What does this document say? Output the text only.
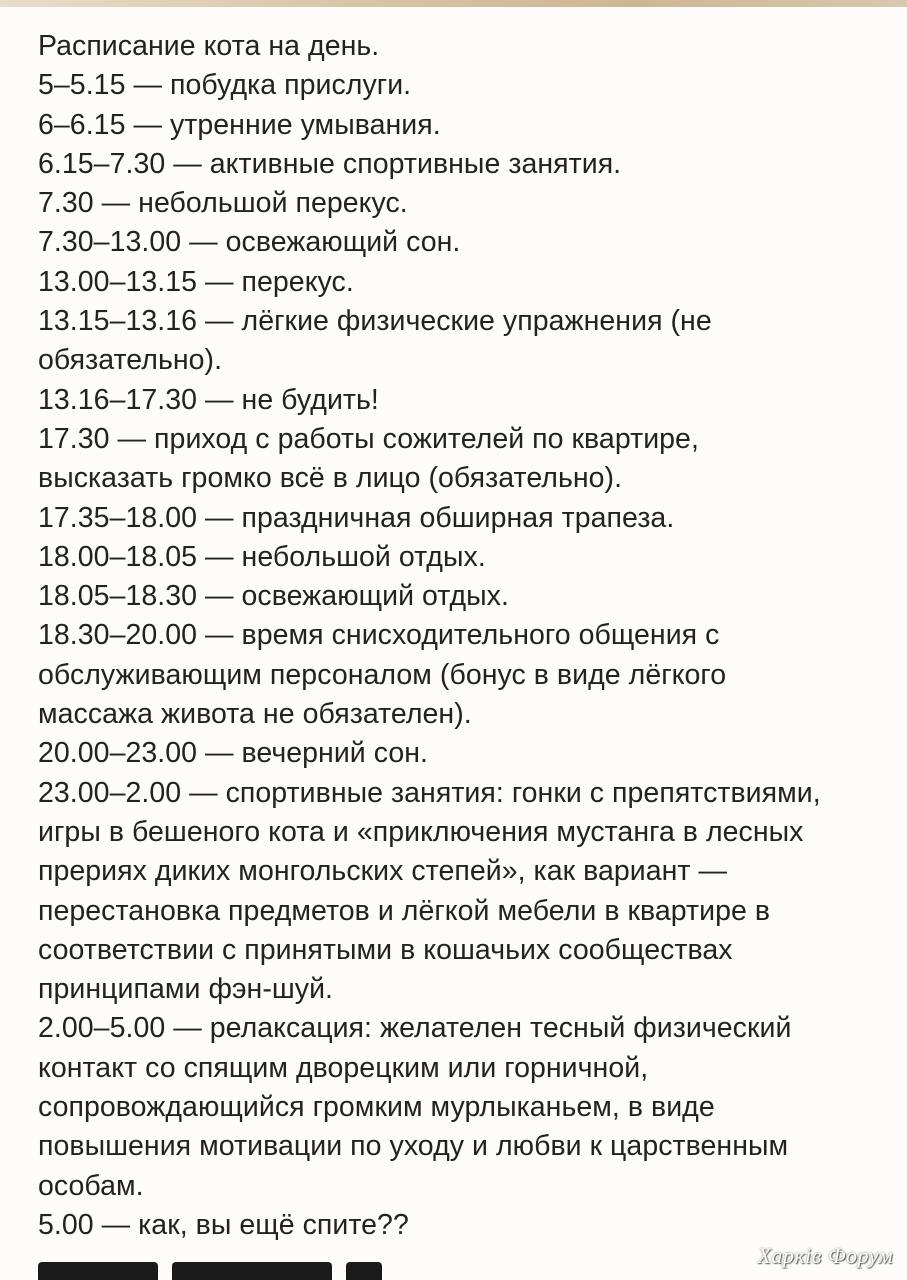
Расписание кота на день.
5–5.15 — побудка прислуги.
6–6.15 — утренние умывания.
6.15–7.30 — активные спортивные занятия.
7.30 — небольшой перекус.
7.30–13.00 — освежающий сон.
13.00–13.15 — перекус.
13.15–13.16 — лёгкие физические упражнения (не
обязательно).
13.16–17.30 — не будить!
17.30 — приход с работы сожителей по квартире,
высказать громко всё в лицо (обязательно).
17.35–18.00 — праздничная обширная трапеза.
18.00–18.05 — небольшой отдых.
18.05–18.30 — освежающий отдых.
18.30–20.00 — время снисходительного общения с
обслуживающим персоналом (бонус в виде лёгкого
массажа живота не обязателен).
20.00–23.00 — вечерний сон.
23.00–2.00 — спортивные занятия: гонки с препятствиями,
игры в бешеного кота и «приключения мустанга в лесных
прериях диких монгольских степей», как вариант —
перестановка предметов и лёгкой мебели в квартире в
соответствии с принятыми в кошачьих сообществах
принципами фэн-шуй.
2.00–5.00 — релаксация: желателен тесный физический
контакт со спящим дворецким или горничной,
сопровождающийся громким мурлыканьем, в виде
повышения мотивации по уходу и любви к царственным
особам.
5.00 — как, вы ещё спите??
Харків Форум
